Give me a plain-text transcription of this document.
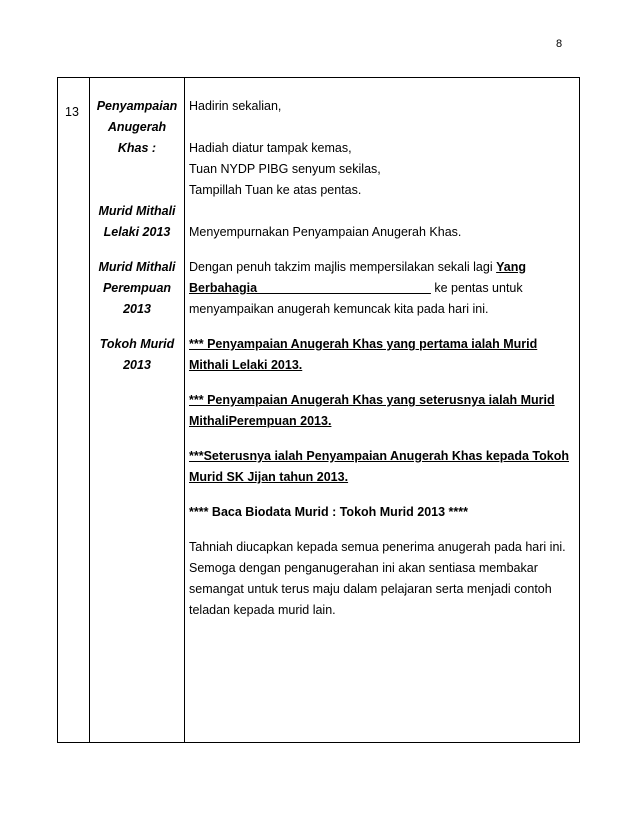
8
13	Penyampaian
Anugerah
Khas :
Murid Mithali
Lelaki 2013
Murid Mithali
Perempuan
2013
Tokoh Murid
2013

Hadirin sekalian,

Hadiah diatur tampak kemas,

Tuan NYDP PIBG senyum sekilas,

Tampillah Tuan ke atas pentas.

Menyempurnakan Penyampaian Anugerah Khas.

Dengan penuh takzim majlis mempersilakan sekali lagi Yang

Berbahagia_________________________ ke pentas untuk

menyampaikan anugerah kemuncak kita pada hari ini.

*** Penyampaian Anugerah Khas yang pertama ialah Murid

Mithali Lelaki 2013.

*** Penyampaian Anugerah Khas yang seterusnya ialah Murid

MithaliPerempuan 2013.

***Seterusnya ialah Penyampaian Anugerah Khas kepada Tokoh

Murid SK Jijan tahun 2013.

**** Baca Biodata Murid : Tokoh Murid 2013 ****

Tahniah diucapkan kepada semua penerima anugerah pada hari ini.

Semoga dengan penganugerahan ini akan sentiasa membakar

semangat untuk terus maju dalam pelajaran serta menjadi contoh

teladan kepada murid lain.
